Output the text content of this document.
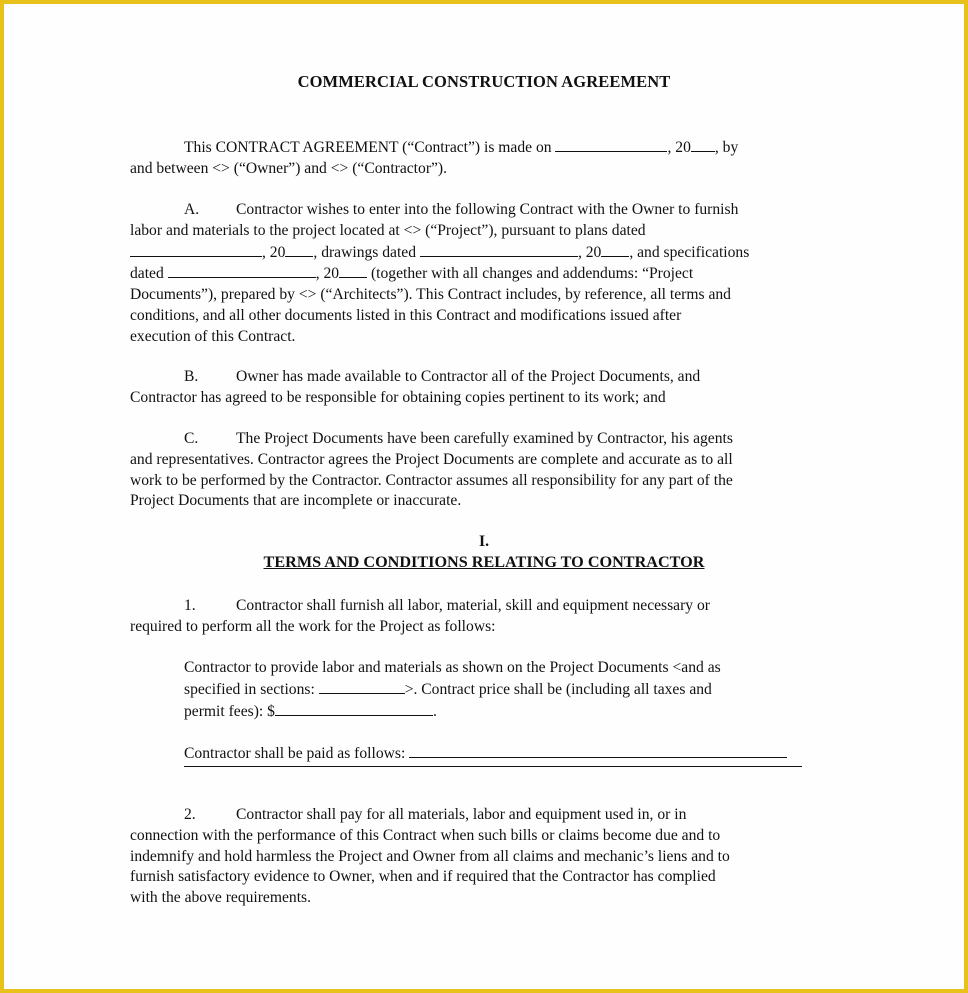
COMMERCIAL CONSTRUCTION AGREEMENT
This CONTRACT AGREEMENT (“Contract”) is made on	, 20 , by
and between <> (“Owner”) and <> (“Contractor”).
A. Contractor wishes to enter into the following Contract with the Owner to furnish
labor and materials to the project located at <> (“Project”), pursuant to plans dated
, 20 , drawings dated	, 20 , and specifications
dated	, 20 (together with all changes and addendums: “Project
Documents”), prepared by <> (“Architects”). This Contract includes, by reference, all terms and
conditions, and all other documents listed in this Contract and modifications issued after
execution of this Contract.
B. Owner has made available to Contractor all of the Project Documents, and
Contractor has agreed to be responsible for obtaining copies pertinent to its work; and
C. The Project Documents have been carefully examined by Contractor, his agents
and representatives. Contractor agrees the Project Documents are complete and accurate as to all
work to be performed by the Contractor. Contractor assumes all responsibility for any part of the
Project Documents that are incomplete or inaccurate.
I.
TERMS AND CONDITIONS RELATING TO CONTRACTOR
1.	Contractor shall furnish all labor, material, skill and equipment necessary or
required to perform all the work for the Project as follows:
Contractor to provide labor and materials as shown on the Project Documents <and as
specified in sections:	>. Contract price shall be (including all taxes and
permit fees): $	.
Contractor shall be paid as follows:
2.	Contractor shall pay for all materials, labor and equipment used in, or in
connection with the performance of this Contract when such bills or claims become due and to
indemnify and hold harmless the Project and Owner from all claims and mechanic’s liens and to
furnish satisfactory evidence to Owner, when and if required that the Contractor has complied
with the above requirements.
